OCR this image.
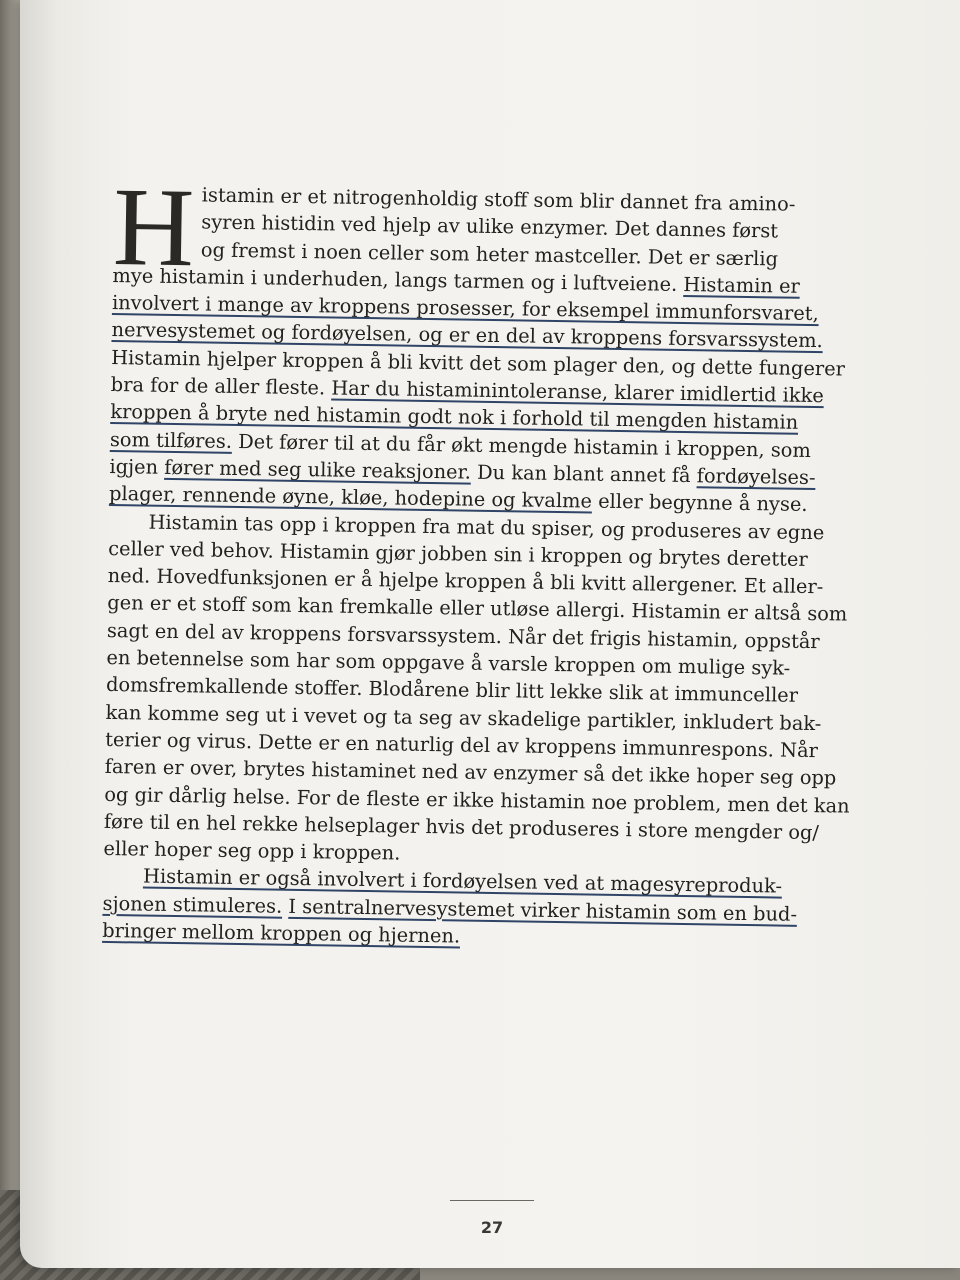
H istamin er et nitrogenholdig stoff som blir dannet fra amino-
syren histidin ved hjelp av ulike enzymer. Det dannes først
og fremst i noen celler som heter mastceller. Det er særlig
mye histamin i underhuden, langs tarmen og i luftveiene. Histamin er
involvert i mange av kroppens prosesser, for eksempel immunforsvaret,
nervesystemet og fordøyelsen, og er en del av kroppens forsvarssystem.
Histamin hjelper kroppen å bli kvitt det som plager den, og dette fungerer
bra for de aller fleste. Har du histaminintoleranse, klarer imidlertid ikke
kroppen å bryte ned histamin godt nok i forhold til mengden histamin
som tilføres. Det fører til at du får økt mengde histamin i kroppen, som
igjen fører med seg ulike reaksjoner. Du kan blant annet få fordøyelses-
plager, rennende øyne, kløe, hodepine og kvalme eller begynne å nyse.
Histamin tas opp i kroppen fra mat du spiser, og produseres av egne
celler ved behov. Histamin gjør jobben sin i kroppen og brytes deretter
ned. Hovedfunksjonen er å hjelpe kroppen å bli kvitt allergener. Et aller-
gen er et stoff som kan fremkalle eller utløse allergi. Histamin er altså som
sagt en del av kroppens forsvarssystem. Når det frigis histamin, oppstår
en betennelse som har som oppgave å varsle kroppen om mulige syk-
domsfremkallende stoffer. Blodårene blir litt lekke slik at immunceller
kan komme seg ut i vevet og ta seg av skadelige partikler, inkludert bak-
terier og virus. Dette er en naturlig del av kroppens immunrespons. Når
faren er over, brytes histaminet ned av enzymer så det ikke hoper seg opp
og gir dårlig helse. For de fleste er ikke histamin noe problem, men det kan
føre til en hel rekke helseplager hvis det produseres i store mengder og/
eller hoper seg opp i kroppen.
Histamin er også involvert i fordøyelsen ved at magesyreproduk-
sjonen stimuleres. I sentralnervesystemet virker histamin som en bud-
bringer mellom kroppen og hjernen.
27
